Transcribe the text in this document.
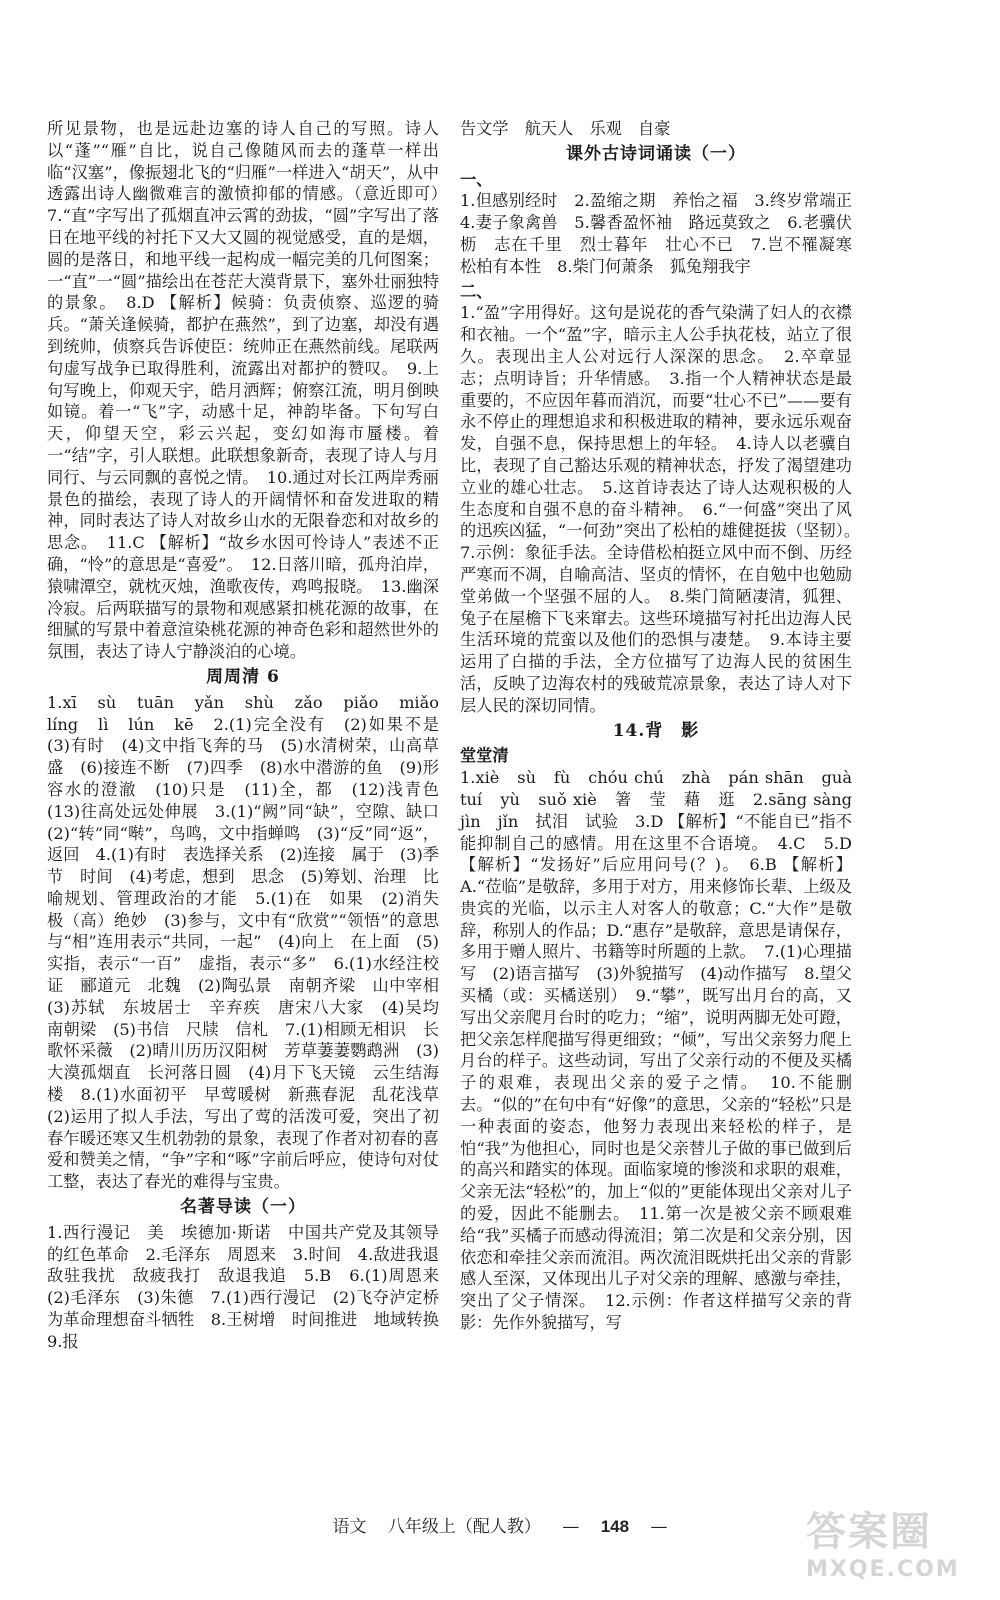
所见景物，也是远赴边塞的诗人自己的写照。诗人以“蓬”“雁”自比，说自己像随风而去的蓬草一样出临“汉塞”，像振翅北飞的“归雁”一样进入“胡天”，从中透露出诗人幽微难言的激愤抑郁的情感。（意近即可）　7.“直”字写出了孤烟直冲云霄的劲拔，“圆”字写出了落日在地平线的衬托下又大又圆的视觉感受，直的是烟，圆的是落日，和地平线一起构成一幅完美的几何图案；一“直”一“圆”描绘出在苍茫大漠背景下，塞外壮丽独特的景象。　8.D 【解析】候骑：负责侦察、巡逻的骑兵。“萧关逢候骑，都护在燕然”，到了边塞，却没有遇到统帅，侦察兵告诉使臣：统帅正在燕然前线。尾联两句虚写战争已取得胜利，流露出对都护的赞叹。　9.上句写晚上，仰观天宇，皓月洒辉；俯察江流，明月倒映如镜。着一“飞”字，动感十足，神韵毕备。下句写白天，仰望天空，彩云兴起，变幻如海市蜃楼。着一“结”字，引人联想。此联想象新奇，表现了诗人与月同行、与云同飘的喜悦之情。　10.通过对长江两岸秀丽景色的描绘，表现了诗人的开阔情怀和奋发进取的精神，同时表达了诗人对故乡山水的无限眷恋和对故乡的思念。　11.C 【解析】“故乡水因可怜诗人”表述不正确，“怜”的意思是“喜爱”。　12.日落川暗，孤舟泊岸，猿啸潭空，就枕灭烛，渔歌夜传，鸡鸣报晓。　13.幽深冷寂。后两联描写的景物和观感紧扣桃花源的故事，在细腻的写景中着意渲染桃花源的神奇色彩和超然世外的氛围，表达了诗人宁静淡泊的心境。

周周清 6

1.xī　sù　tuān　yǎn　shù　zǎo　piǎo　miǎo　líng　lì　lún　kē　2.(1)完全没有　(2)如果不是　(3)有时　(4)文中指飞奔的马　(5)水清树荣，山高草盛　(6)接连不断　(7)四季　(8)水中潜游的鱼　(9)形容水的澄澈　(10)只是　(11)全，都　(12)浅青色　(13)往高处远处伸展　3.(1)“阙”同“缺”，空隙、缺口　(2)“转”同“啭”，鸟鸣，文中指蝉鸣　(3)“反”同“返”，返回　4.(1)有时　表选择关系　(2)连接　属于　(3)季节　时间　(4)考虑，想到　思念　(5)筹划、治理　比喻规划、管理政治的才能　5.(1)在　如果　(2)消失　极（高）绝妙　(3)参与，文中有“欣赏”“领悟”的意思　与“相”连用表示“共同，一起”　(4)向上　在上面　(5)实指，表示“一百”　虚指，表示“多”　6.(1)水经注校证　郦道元　北魏　(2)陶弘景　南朝齐梁　山中宰相　(3)苏轼　东坡居士　辛弃疾　唐宋八大家　(4)吴均　南朝梁　(5)书信　尺牍　信札　7.(1)相顾无相识　长歌怀采薇　(2)晴川历历汉阳树　芳草萋萋鹦鹉洲　(3)大漠孤烟直　长河落日圆　(4)月下飞天镜　云生结海楼　8.(1)水面初平　早莺暖树　新燕春泥　乱花浅草　(2)运用了拟人手法，写出了莺的活泼可爱，突出了初春乍暖还寒又生机勃勃的景象，表现了作者对初春的喜爱和赞美之情，“争”字和“啄”字前后呼应，使诗句对仗工整，表达了春光的难得与宝贵。

名著导读（一）

1.西行漫记　美　埃德加·斯诺　中国共产党及其领导的红色革命　2.毛泽东　周恩来　3.时间　4.敌进我退　敌驻我扰　敌疲我打　敌退我追　5.B　6.(1)周恩来　(2)毛泽东　(3)朱德　7.(1)西行漫记　(2)飞夺泸定桥　为革命理想奋斗牺牲　8.王树增　时间推进　地域转换　9.报

告文学　航天人　乐观　自豪

课外古诗词诵读（一）
一、

1.但感别经时　2.盈缩之期　养怡之福　3.终岁常端正　4.妻子象禽兽　5.馨香盈怀袖　路远莫致之　6.老骥伏枥　志在千里　烈士暮年　壮心不已　7.岂不罹凝寒　松柏有本性　8.柴门何萧条　狐兔翔我宇

二、

1.“盈”字用得好。这句是说花的香气染满了妇人的衣襟和衣袖。一个“盈”字，暗示主人公手执花枝，站立了很久。表现出主人公对远行人深深的思念。　2.卒章显志；点明诗旨；升华情感。　3.指一个人精神状态是最重要的，不应因年暮而消沉，而要“壮心不已”——要有永不停止的理想追求和积极进取的精神，要永远乐观奋发，自强不息，保持思想上的年轻。　4.诗人以老骥自比，表现了自己豁达乐观的精神状态，抒发了渴望建功立业的雄心壮志。　5.这首诗表达了诗人达观积极的人生态度和自强不息的奋斗精神。　6.“一何盛”突出了风的迅疾凶猛，“一何劲”突出了松柏的雄健挺拔（坚韧）。　7.示例：象征手法。全诗借松柏挺立风中而不倒、历经严寒而不凋，自喻高洁、坚贞的情怀，在自勉中也勉励堂弟做一个坚强不屈的人。　8.柴门简陋凄清，狐狸、兔子在屋檐下飞来窜去。这些环境描写衬托出边海人民生活环境的荒蛮以及他们的恐惧与凄楚。　9.本诗主要运用了白描的手法，全方位描写了边海人民的贫困生活，反映了边海农村的残破荒凉景象，表达了诗人对下层人民的深切同情。

14.背　影
堂堂清

1.xiè　sù　fù　chóu chú　zhà　pán shān　guà　tuí　yù　suǒ xiè　箸　莹　藉　逛　2.sāng sàng　jìn　jǐn　拭泪　试验　3.D 【解析】“不能自已”指不能抑制自己的感情。用在这里不合语境。　4.C　5.D 【解析】“发扬好”后应用问号(？)。　6.B 【解析】A.“莅临”是敬辞，多用于对方，用来修饰长辈、上级及贵宾的光临，以示主人对客人的敬意；C.“大作”是敬辞，称别人的作品；D.“惠存”是敬辞，意思是请保存，多用于赠人照片、书籍等时所题的上款。　7.(1)心理描写　(2)语言描写　(3)外貌描写　(4)动作描写　8.望父买橘（或：买橘送别）　9.“攀”，既写出月台的高，又写出父亲爬月台时的吃力；“缩”，说明两脚无处可蹬，把父亲怎样爬描写得更细致；“倾”，写出父亲努力爬上月台的样子。这些动词，写出了父亲行动的不便及买橘子的艰难，表现出父亲的爱子之情。　10.不能删去。“似的”在句中有“好像”的意思，父亲的“轻松”只是一种表面的姿态，他努力表现出来轻松的样子，是怕“我”为他担心，同时也是父亲替儿子做的事已做到后的高兴和踏实的体现。面临家境的惨淡和求职的艰难，父亲无法“轻松”的，加上“似的”更能体现出父亲对儿子的爱，因此不能删去。　11.第一次是被父亲不顾艰难给“我”买橘子而感动得流泪；第二次是和父亲分别，因依恋和牵挂父亲而流泪。两次流泪既烘托出父亲的背影感人至深，又体现出儿子对父亲的理解、感激与牵挂，突出了父子情深。　12.示例：作者这样描写父亲的背影：先作外貌描写，写

语文 八年级上（配人教） — 148 —	答案圈
MXQE.COM
